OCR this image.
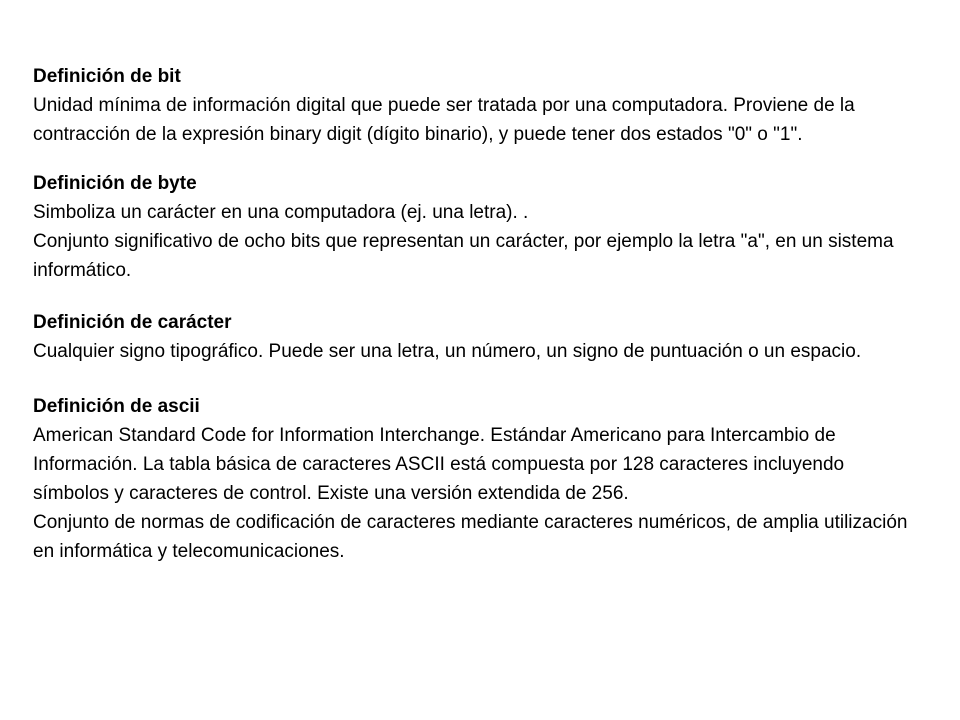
Definición de bit
Unidad mínima de información digital que puede ser tratada por una computadora. Proviene de la contracción de la expresión binary digit (dígito binario), y puede tener dos estados "0" o "1".
Definición de byte
Simboliza un carácter en una computadora (ej. una letra). .
Conjunto significativo de ocho bits que representan un carácter, por ejemplo la letra "a", en un sistema informático.
Definición de carácter
Cualquier signo tipográfico. Puede ser una letra, un número, un signo de puntuación o un espacio.
Definición de ascii
American Standard Code for Information Interchange. Estándar Americano para Intercambio de Información. La tabla básica de caracteres ASCII está compuesta por 128 caracteres incluyendo símbolos y caracteres de control. Existe una versión extendida de 256.
Conjunto de normas de codificación de caracteres mediante caracteres numéricos, de amplia utilización en informática y telecomunicaciones.
